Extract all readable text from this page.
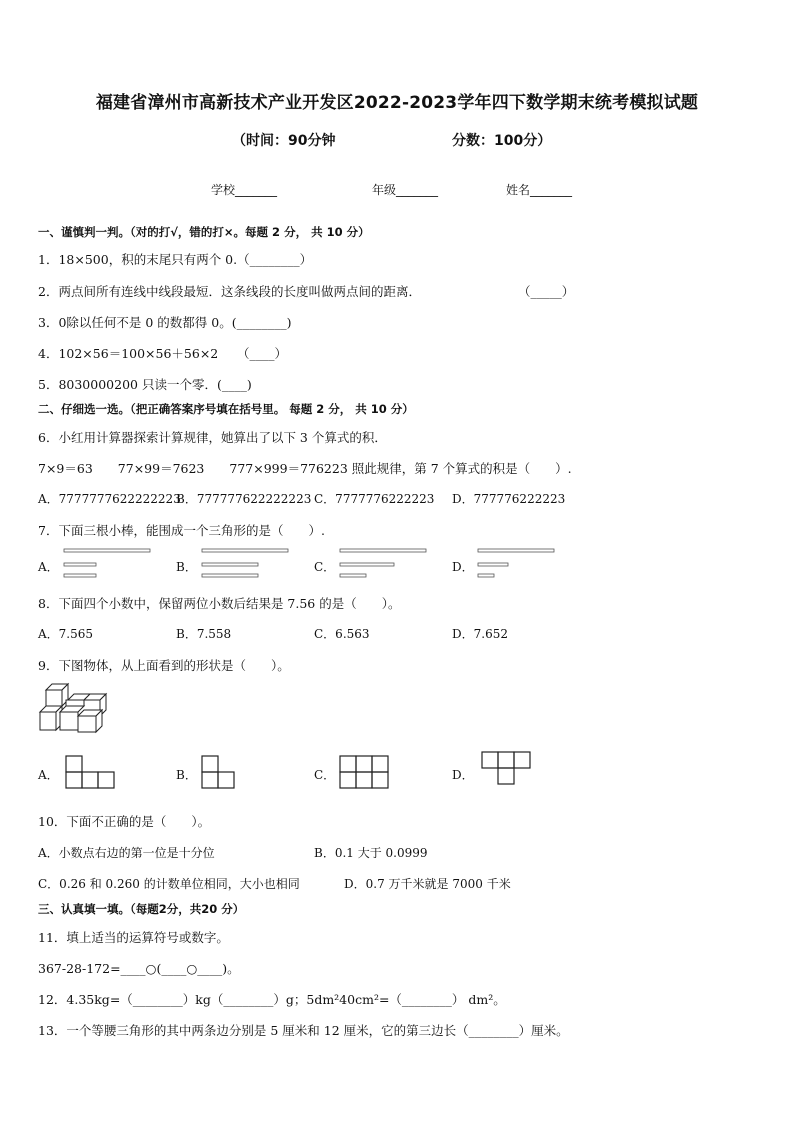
福建省漳州市高新技术产业开发区2022-2023学年四下数学期末统考模拟试题
（时间：90分钟	分数：100分）
学校_______	年级_______	姓名_______
一、谨慎判一判。（对的打√，错的打×。每题 2 分， 共 10 分）
1．18×500，积的末尾只有两个 0.（________）
2．两点间所有连线中线段最短．这条线段的长度叫做两点间的距离．	（_____）
3．0除以任何不是 0 的数都得 0。(________)
4．102×56＝100×56＋56×2　　（____）
5．8030000200 只读一个零．(____)
二、仔细选一选。（把正确答案序号填在括号里。 每题 2 分， 共 10 分）
6．小红用计算器探索计算规律，她算出了以下 3 个算式的积．
7×9＝63　　77×99＝7623　　777×999＝776223 照此规律，第 7 个算式的积是（　　）.
A．7777777622222223
B．777777622222223 C．7777776222223 D．777776222223
7．下面三根小棒，能围成一个三角形的是（　　）.
A．	B．	C．	D．
8．下面四个小数中，保留两位小数后结果是 7.56 的是（　　）。
A．7.565	B．7.558	C．6.563	D．7.652
9．下图物体，从上面看到的形状是（　　）。
A．	B．	C．	D．
10．下面不正确的是（　　）。
A．小数点右边的第一位是十分位	B．0.1 大于 0.0999
C．0.26 和 0.260 的计数单位相同，大小也相同	D．0.7 万千米就是 7000 千米
三、认真填一填。（每题2分，共20 分）
11．填上适当的运算符号或数字。
367-28-172=____○(____○____)。
12．4.35kg=（________）kg（________）g；5dm²40cm²=（________） dm²。
13．一个等腰三角形的其中两条边分别是 5 厘米和 12 厘米，它的第三边长（________）厘米。
